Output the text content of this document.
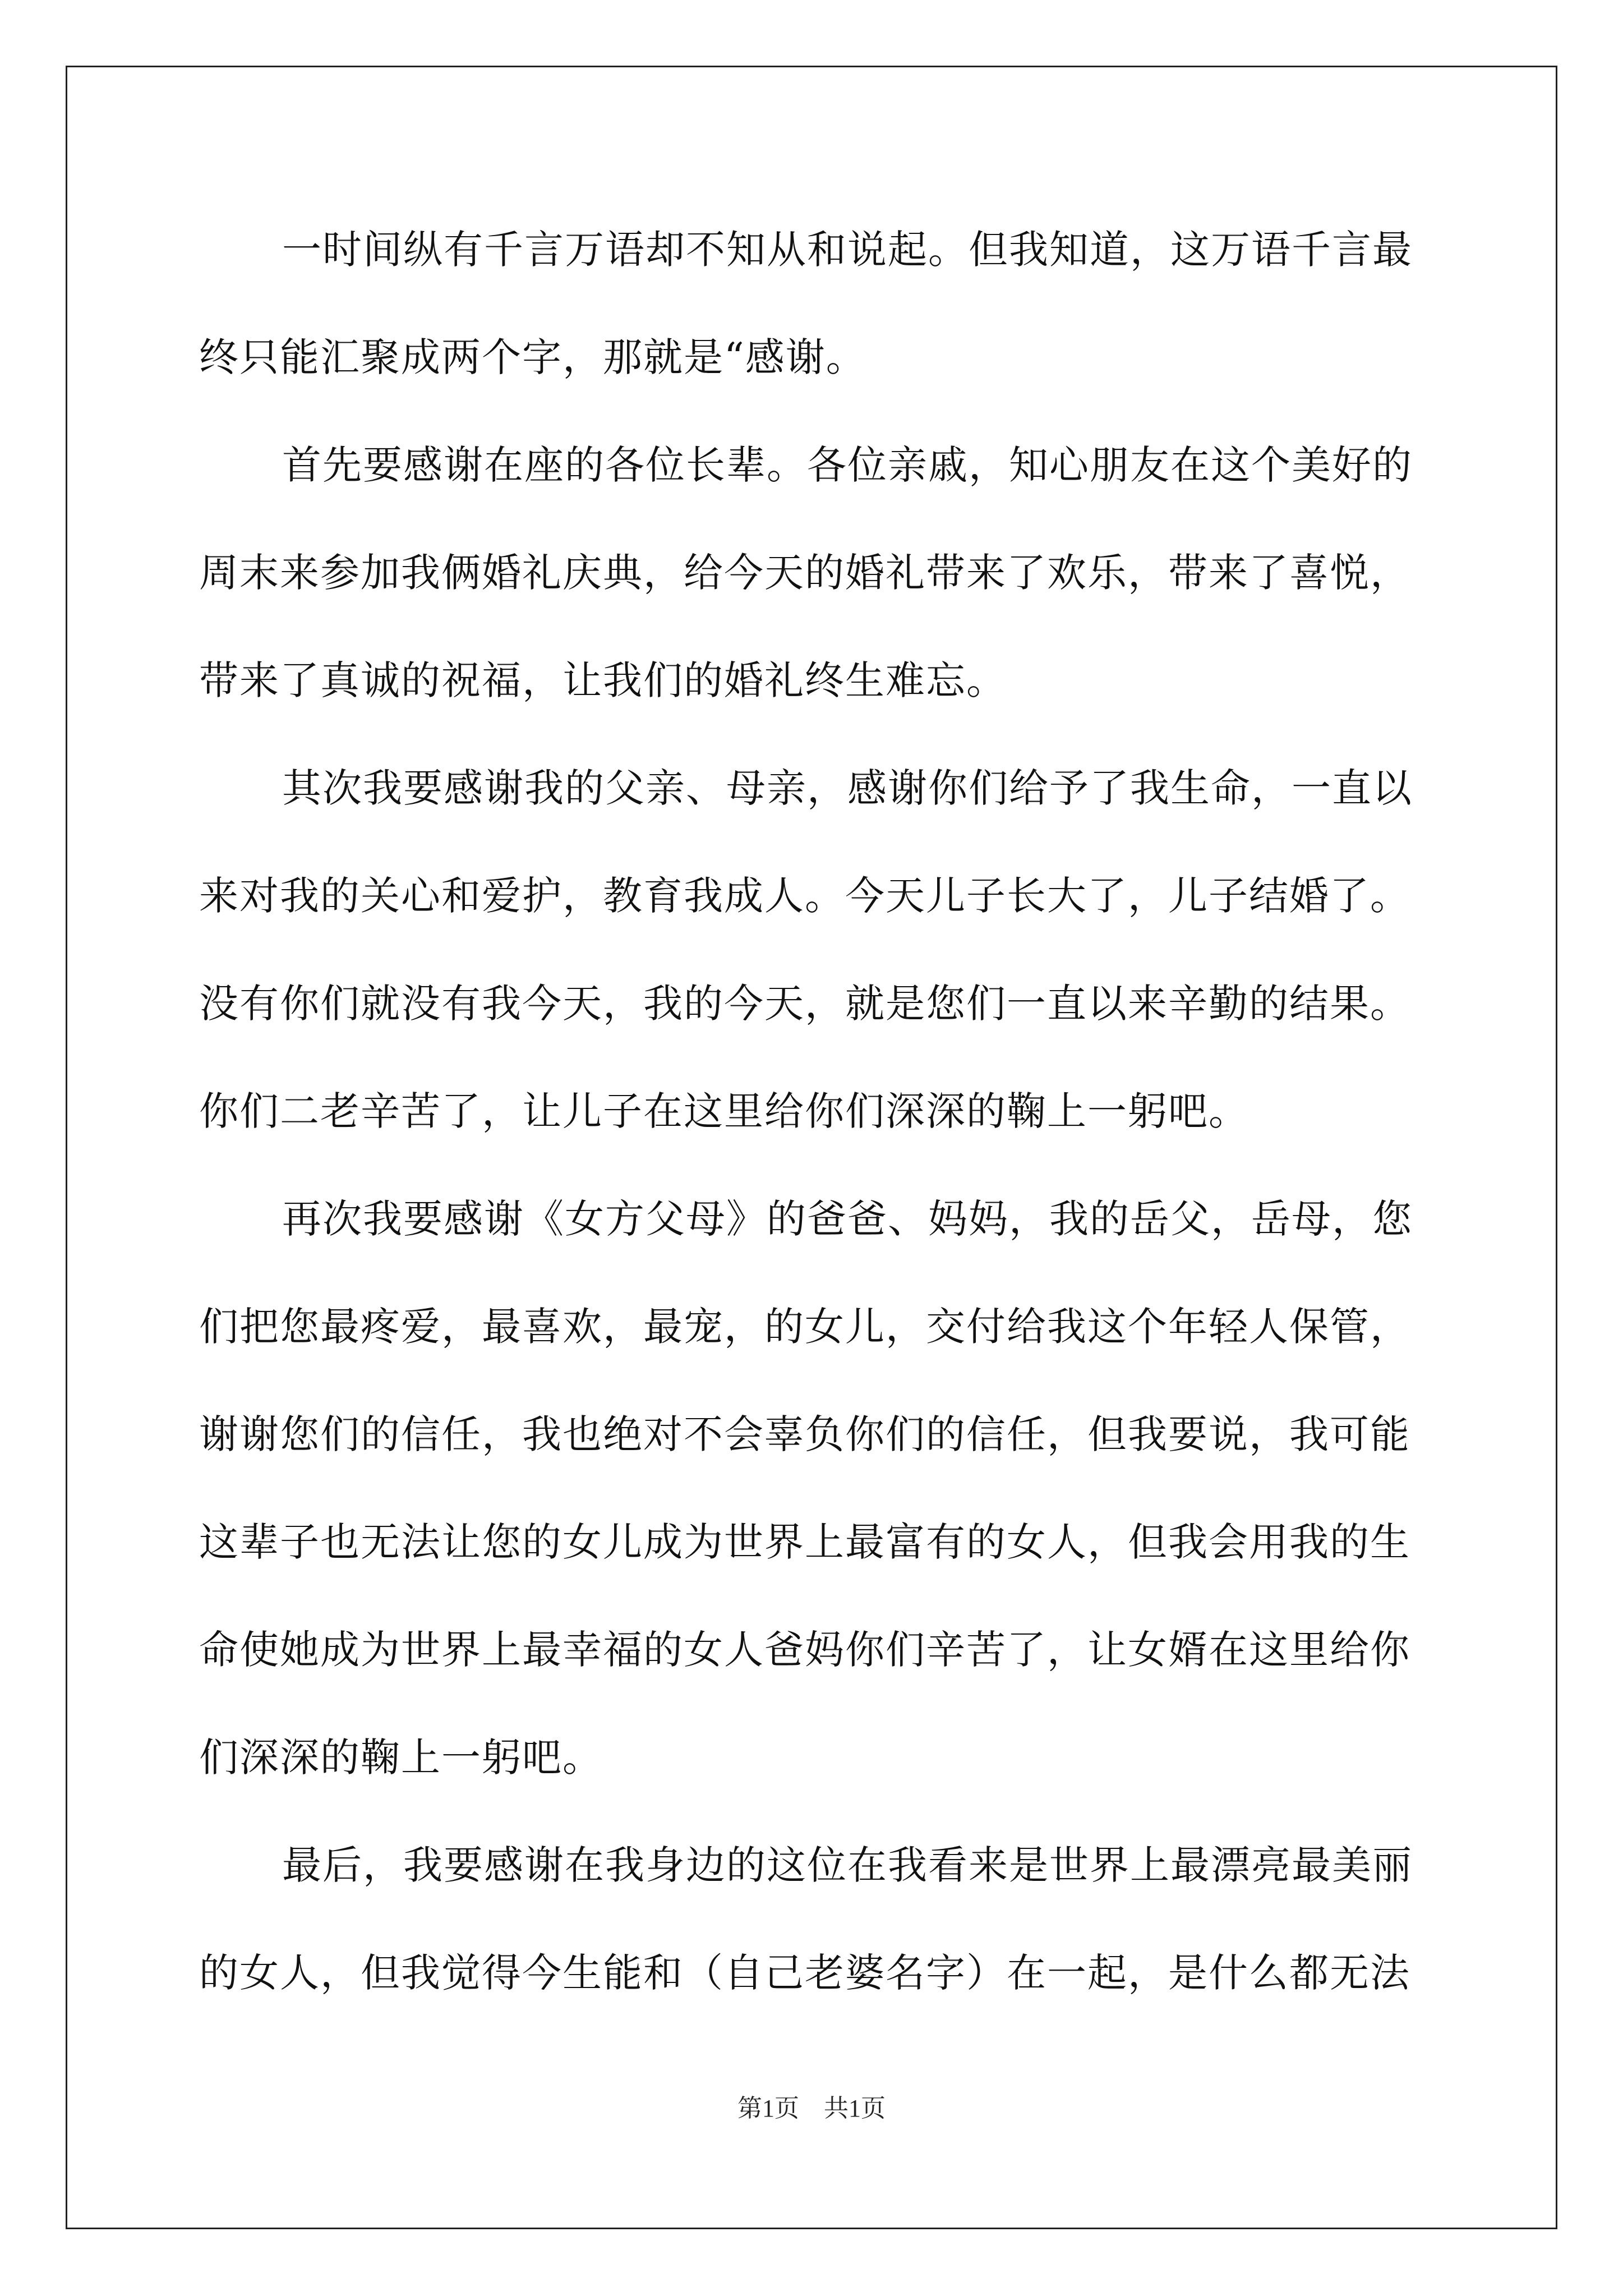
一时间纵有千言万语却不知从和说起。但我知道，这万语千言最
终只能汇聚成两个字，那就是“感谢。
首先要感谢在座的各位长辈。各位亲戚，知心朋友在这个美好的
周末来参加我俩婚礼庆典，给今天的婚礼带来了欢乐，带来了喜悦，
带来了真诚的祝福，让我们的婚礼终生难忘。
其次我要感谢我的父亲、母亲，感谢你们给予了我生命，一直以
来对我的关心和爱护，教育我成人。今天儿子长大了，儿子结婚了。
没有你们就没有我今天，我的今天，就是您们一直以来辛勤的结果。
你们二老辛苦了，让儿子在这里给你们深深的鞠上一躬吧。
再次我要感谢《女方父母》的爸爸、妈妈，我的岳父，岳母，您
们把您最疼爱，最喜欢，最宠，的女儿，交付给我这个年轻人保管，
谢谢您们的信任，我也绝对不会辜负你们的信任，但我要说，我可能
这辈子也无法让您的女儿成为世界上最富有的女人，但我会用我的生
命使她成为世界上最幸福的女人爸妈你们辛苦了，让女婿在这里给你
们深深的鞠上一躬吧。
最后，我要感谢在我身边的这位在我看来是世界上最漂亮最美丽
的女人，但我觉得今生能和（自己老婆名字）在一起，是什么都无法
第1页　共1页
